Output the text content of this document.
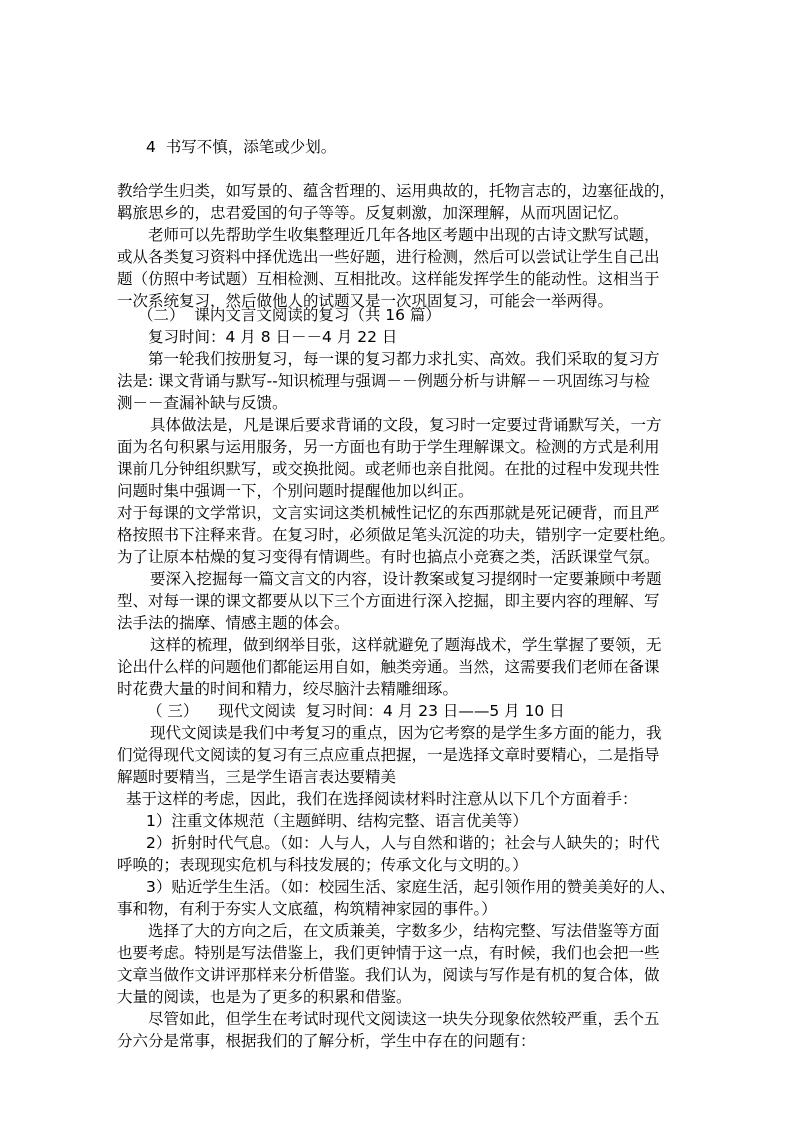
4  书写不慎，添笔或少划。
教给学生归类，如写景的、蕴含哲理的、运用典故的，托物言志的，边塞征战的，
羁旅思乡的，忠君爱国的句子等等。反复刺激，加深理解，从而巩固记忆。
老师可以先帮助学生收集整理近几年各地区考题中出现的古诗文默写试题，
或从各类复习资料中择优选出一些好题，进行检测，然后可以尝试让学生自己出
题（仿照中考试题）互相检测、互相批改。这样能发挥学生的能动性。这相当于
一次系统复习，然后做他人的试题又是一次巩固复习，可能会一举两得。
（二）  课内文言文阅读的复习（共 16 篇）
复习时间：4 月 8 日－－4 月 22 日
第一轮我们按册复习，每一课的复习都力求扎实、高效。我们采取的复习方
法是: 课文背诵与默写--知识梳理与强调－－例题分析与讲解－－巩固练习与检
测－－查漏补缺与反馈。
具体做法是，凡是课后要求背诵的文段，复习时一定要过背诵默写关，一方
面为名句积累与运用服务，另一方面也有助于学生理解课文。检测的方式是利用
课前几分钟组织默写，或交换批阅。或老师也亲自批阅。在批的过程中发现共性
问题时集中强调一下，个别问题时提醒他加以纠正。
对于每课的文学常识，文言实词这类机械性记忆的东西那就是死记硬背，而且严
格按照书下注释来背。在复习时，必须做足笔头沉淀的功夫，错别字一定要杜绝。
为了让原本枯燥的复习变得有情调些。有时也搞点小竞赛之类，活跃课堂气氛。
要深入挖掘每一篇文言文的内容，设计教案或复习提纲时一定要兼顾中考题
型、对每一课的课文都要从以下三个方面进行深入挖掘，即主要内容的理解、写
法手法的揣摩、情感主题的体会。
这样的梳理，做到纲举目张，这样就避免了题海战术，学生掌握了要领，无
论出什么样的问题他们都能运用自如，触类旁通。当然，这需要我们老师在备课
时花费大量的时间和精力，绞尽脑汁去精雕细琢。
（ 三）    现代文阅读  复习时间：4 月 23 日——5 月 10 日
现代文阅读是我们中考复习的重点，因为它考察的是学生多方面的能力，我
们觉得现代文阅读的复习有三点应重点把握，一是选择文章时要精心，二是指导
解题时要精当，三是学生语言表达要精美
基于这样的考虑，因此，我们在选择阅读材料时注意从以下几个方面着手：
1）注重文体规范（主题鲜明、结构完整、语言优美等）
2）折射时代气息。（如：人与人，人与自然和谐的；社会与人缺失的；时代
呼唤的；表现现实危机与科技发展的；传承文化与文明的。）
3）贴近学生生活。（如：校园生活、家庭生活，起引领作用的赞美美好的人、
事和物，有利于夯实人文底蕴，构筑精神家园的事件。）
选择了大的方向之后，在文质兼美，字数多少，结构完整、写法借鉴等方面
也要考虑。特别是写法借鉴上，我们更钟情于这一点，有时候，我们也会把一些
文章当做作文讲评那样来分析借鉴。我们认为，阅读与写作是有机的复合体，做
大量的阅读，也是为了更多的积累和借鉴。
尽管如此，但学生在考试时现代文阅读这一块失分现象依然较严重，丢个五
分六分是常事，根据我们的了解分析，学生中存在的问题有：
